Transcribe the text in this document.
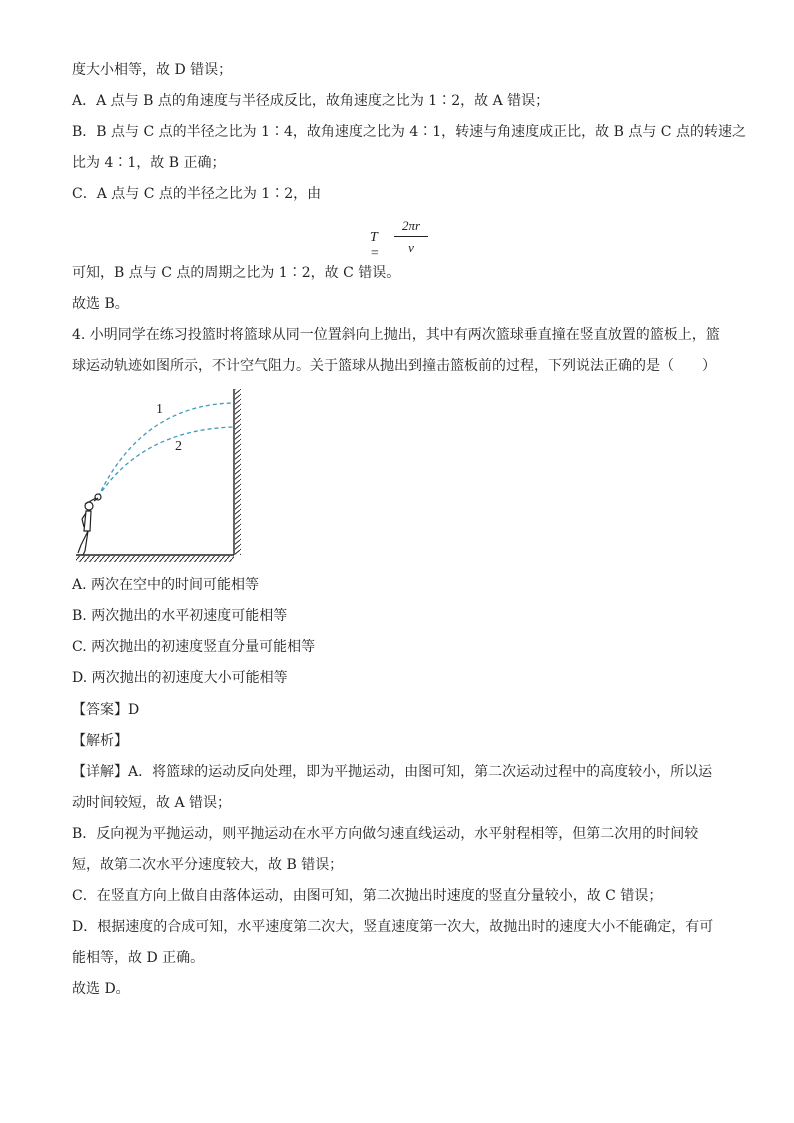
度大小相等，故 D 错误；
A．A 点与 B 点的角速度与半径成反比，故角速度之比为 1∶2，故 A 错误；
B．B 点与 C 点的半径之比为 1∶4，故角速度之比为 4∶1，转速与角速度成正比，故 B 点与 C 点的转速之
比为 4∶1，故 B 正确；
C．A 点与 C 点的半径之比为 1∶2，由
T =
2πr
v
可知，B 点与 C 点的周期之比为 1∶2，故 C 错误。
故选 B。
4. 小明同学在练习投篮时将篮球从同一位置斜向上抛出，其中有两次篮球垂直撞在竖直放置的篮板上，篮
球运动轨迹如图所示，不计空气阻力。关于篮球从抛出到撞击篮板前的过程，下列说法正确的是（　　）
1
2
A. 两次在空中的时间可能相等
B. 两次抛出的水平初速度可能相等
C. 两次抛出的初速度竖直分量可能相等
D. 两次抛出的初速度大小可能相等
【答案】D
【解析】
【详解】A．将篮球的运动反向处理，即为平抛运动，由图可知，第二次运动过程中的高度较小，所以运
动时间较短，故 A 错误；
B．反向视为平抛运动，则平抛运动在水平方向做匀速直线运动，水平射程相等，但第二次用的时间较
短，故第二次水平分速度较大，故 B 错误；
C．在竖直方向上做自由落体运动，由图可知，第二次抛出时速度的竖直分量较小，故 C 错误；
D．根据速度的合成可知，水平速度第二次大，竖直速度第一次大，故抛出时的速度大小不能确定，有可
能相等，故 D 正确。
故选 D。
